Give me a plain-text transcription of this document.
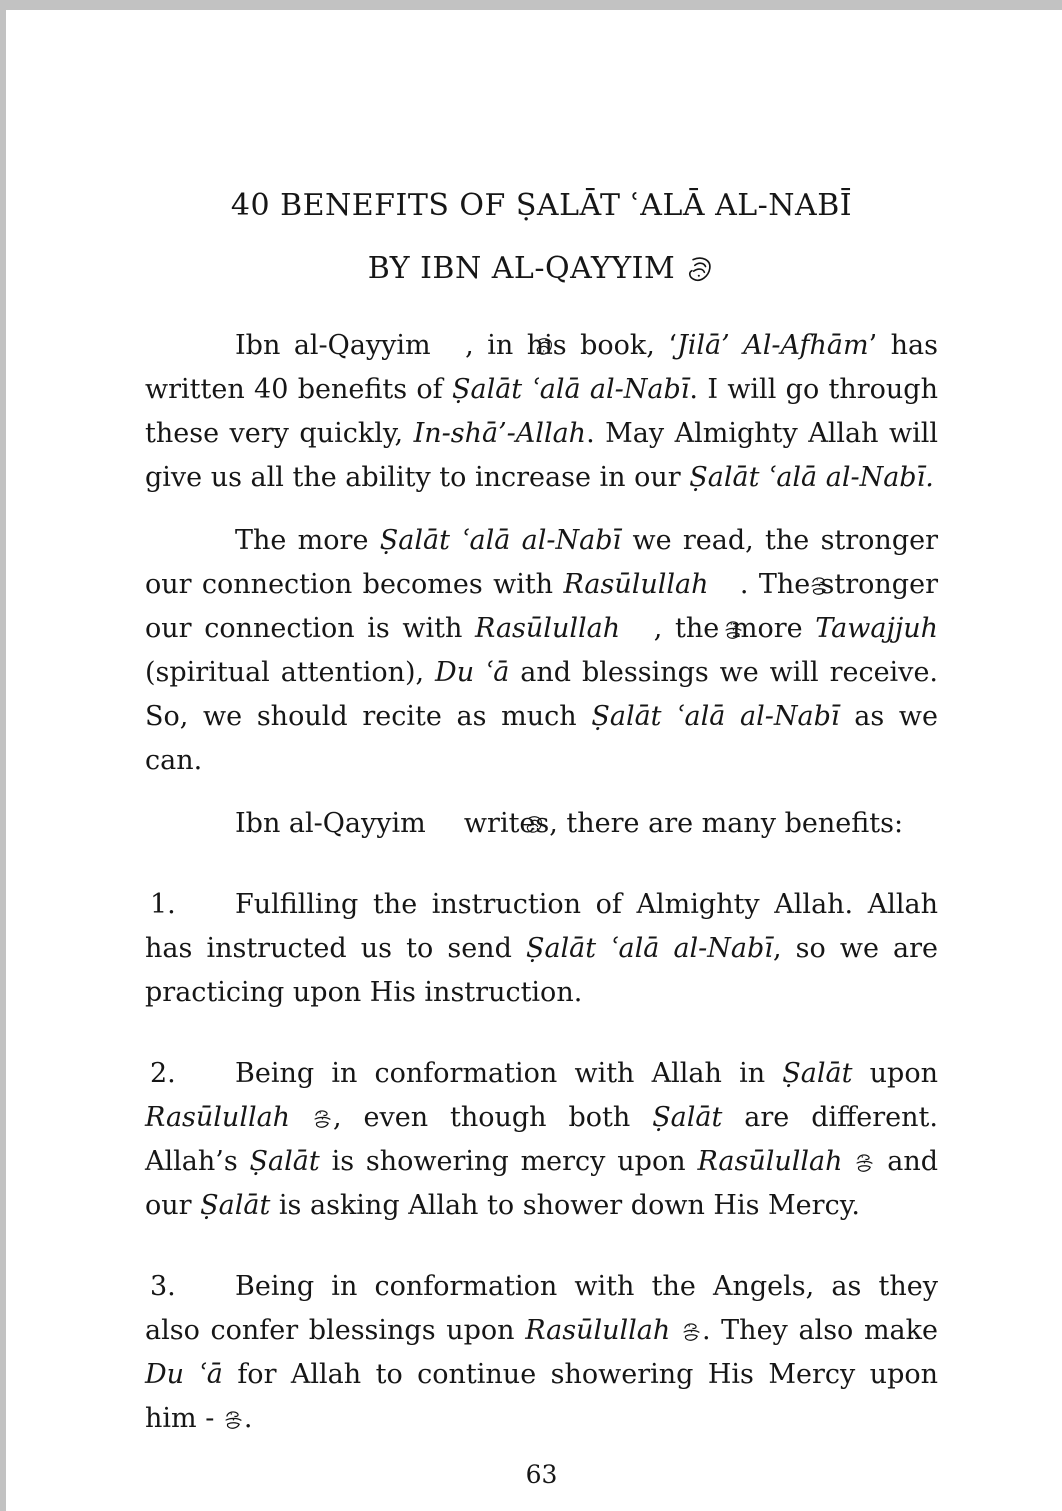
40 BENEFITS OF ṢALĀT ʿALĀ AL-NABĪ
BY IBN AL-QAYYIM

Ibn al-Qayyim , in his book, ‘Jilā’ Al-Afhām’ has written 40 benefits of Ṣalāt ʿalā al-Nabī. I will go through these very quickly, In-shā’-Allah. May Almighty Allah will give us all the ability to increase in our Ṣalāt ʿalā al-Nabī.

The more Ṣalāt ʿalā al-Nabī we read, the stronger our connection becomes with Rasūlullah . The stronger our connection is with Rasūlullah , the more Tawajjuh (spiritual attention), Du ʿā and blessings we will receive. So, we should recite as much Ṣalāt ʿalā al-Nabī as we can.

Ibn al-Qayyim  writes, there are many benefits:

1. Fulfilling the instruction of Almighty Allah. Allah has instructed us to send Ṣalāt ʿalā al-Nabī, so we are practicing upon His instruction.

2. Being in conformation with Allah in Ṣalāt upon Rasūlullah , even though both Ṣalāt are different. Allah’s Ṣalāt is showering mercy upon Rasūlullah  and our Ṣalāt is asking Allah to shower down His Mercy.

3. Being in conformation with the Angels, as they also confer blessings upon Rasūlullah . They also make Du ʿā for Allah to continue showering His Mercy upon him - .

63
